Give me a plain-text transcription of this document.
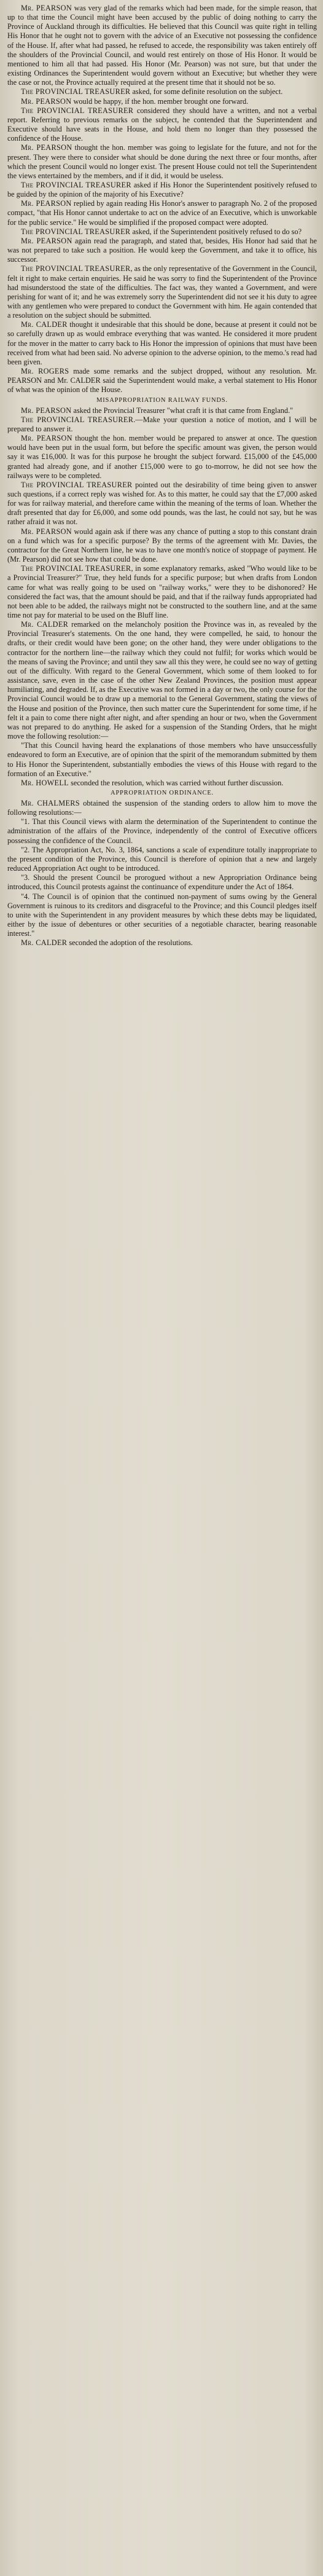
Mr. PEARSON was very glad of the remarks which had been made, for the simple reason, that up to that time the Council might have been accused by the public of doing nothing to carry the Province of Auckland through its difficulties. He believed that this Council was quite right in telling His Honor that he ought not to govern with the advice of an Executive not possessing the confidence of the House. If, after what had passed, he refused to accede, the responsibility was taken entirely off the shoulders of the Provincial Council, and would rest entirely on those of His Honor. It would be mentioned to him all that had passed. His Honor (Mr. Pearson) was not sure, but that under the existing Ordinances the Superintendent would govern without an Executive; but whether they were the case or not, the Province actually required at the present time that it should not be so.

The PROVINCIAL TREASURER asked, for some definite resolution on the subject.

Mr. PEARSON would be happy, if the hon. member brought one forward.

The PROVINCIAL TREASURER considered they should have a written, and not a verbal report. Referring to previous remarks on the subject, he contended that the Superintendent and Executive should have seats in the House, and hold them no longer than they possessed the confidence of the House.

Mr. PEARSON thought the hon. member was going to legislate for the future, and not for the present. They were there to consider what should be done during the next three or four months, after which the present Council would no longer exist. The present House could not tell the Superintendent the views entertained by the members, and if it did, it would be useless.

The PROVINCIAL TREASURER asked if His Honor the Superintendent positively refused to be guided by the opinion of the majority of his Executive?

Mr. PEARSON replied by again reading His Honor's answer to paragraph No. 2 of the proposed compact, "that His Honor cannot undertake to act on the advice of an Executive, which is unworkable for the public service." He would be simplified if the proposed compact were adopted.

The PROVINCIAL TREASURER asked, if the Superintendent positively refused to do so?

Mr. PEARSON again read the paragraph, and stated that, besides, His Honor had said that he was not prepared to take such a position. He would keep the Government, and take it to office, his successor.

The PROVINCIAL TREASURER, as the only representative of the Government in the Council, felt it right to make certain enquiries. He said he was sorry to find the Superintendent of the Province had misunderstood the state of the difficulties. The fact was, they wanted a Government, and were perishing for want of it; and he was extremely sorry the Superintendent did not see it his duty to agree with any gentlemen who were prepared to conduct the Government with him. He again contended that a resolution on the subject should be submitted.

Mr. CALDER thought it undesirable that this should be done, because at present it could not be so carefully drawn up as would embrace everything that was wanted. He considered it more prudent for the mover in the matter to carry back to His Honor the impression of opinions that must have been received from what had been said. No adverse opinion to the adverse opinion, to the memo.'s read had been given.

Mr. ROGERS made some remarks and the subject dropped, without any resolution. Mr. PEARSON and Mr. CALDER said the Superintendent would make, a verbal statement to His Honor of what was the opinion of the House.

MISAPPROPRIATION RAILWAY FUNDS.

Mr. PEARSON asked the Provincial Treasurer "what craft it is that came from England."

The PROVINCIAL TREASURER.—Make your question a notice of motion, and I will be prepared to answer it.

Mr. PEARSON thought the hon. member would be prepared to answer at once. The question would have been put in the usual form, but before the specific amount was given, the person would say it was £16,000. It was for this purpose he brought the subject forward. £15,000 of the £45,000 granted had already gone, and if another £15,000 were to go to-morrow, he did not see how the railways were to be completed.

The PROVINCIAL TREASURER pointed out the desirability of time being given to answer such questions, if a correct reply was wished for. As to this matter, he could say that the £7,000 asked for was for railway material, and therefore came within the meaning of the terms of loan. Whether the draft presented that day for £6,000, and some odd pounds, was the last, he could not say, but he was rather afraid it was not.

Mr. PEARSON would again ask if there was any chance of putting a stop to this constant drain on a fund which was for a specific purpose? By the terms of the agreement with Mr. Davies, the contractor for the Great Northern line, he was to have one month's notice of stoppage of payment. He (Mr. Pearson) did not see how that could be done.

The PROVINCIAL TREASURER, in some explanatory remarks, asked "Who would like to be a Provincial Treasurer?" True, they held funds for a specific purpose; but when drafts from London came for what was really going to be used on "railway works," were they to be dishonored? He considered the fact was, that the amount should be paid, and that if the railway funds appropriated had not been able to be added, the railways might not be constructed to the southern line, and at the same time not pay for material to be used on the Bluff line.

Mr. CALDER remarked on the melancholy position the Province was in, as revealed by the Provincial Treasurer's statements. On the one hand, they were compelled, he said, to honour the drafts, or their credit would have been gone; on the other hand, they were under obligations to the contractor for the northern line—the railway which they could not fulfil; for works which would be the means of saving the Province; and until they saw all this they were, he could see no way of getting out of the difficulty. With regard to the General Government, which some of them looked to for assistance, save, even in the case of the other New Zealand Provinces, the position must appear humiliating, and degraded. If, as the Executive was not formed in a day or two, the only course for the Provincial Council would be to draw up a memorial to the General Government, stating the views of the House and position of the Province, then such matter cure the Superintendent for some time, if he felt it a pain to come there night after night, and after spending an hour or two, when the Government was not prepared to do anything. He asked for a suspension of the Standing Orders, that he might move the following resolution:—

"That this Council having heard the explanations of those members who have unsuccessfully endeavored to form an Executive, are of opinion that the spirit of the memorandum submitted by them to His Honor the Superintendent, substantially embodies the views of this House with regard to the formation of an Executive."

Mr. HOWELL seconded the resolution, which was carried without further discussion.

APPROPRIATION ORDINANCE.

Mr. CHALMERS obtained the suspension of the standing orders to allow him to move the following resolutions:—

"1. That this Council views with alarm the determination of the Superintendent to continue the administration of the affairs of the Province, independently of the control of Executive officers possessing the confidence of the Council.

"2. The Appropriation Act, No. 3, 1864, sanctions a scale of expenditure totally inappropriate to the present condition of the Province, this Council is therefore of opinion that a new and largely reduced Appropriation Act ought to be introduced.

"3. Should the present Council be prorogued without a new Appropriation Ordinance being introduced, this Council protests against the continuance of expenditure under the Act of 1864.

"4. The Council is of opinion that the continued non-payment of sums owing by the General Government is ruinous to its creditors and disgraceful to the Province; and this Council pledges itself to unite with the Superintendent in any provident measures by which these debts may be liquidated, either by the issue of debentures or other securities of a negotiable character, bearing reasonable interest."

Mr. CALDER seconded the adoption of the resolutions.
